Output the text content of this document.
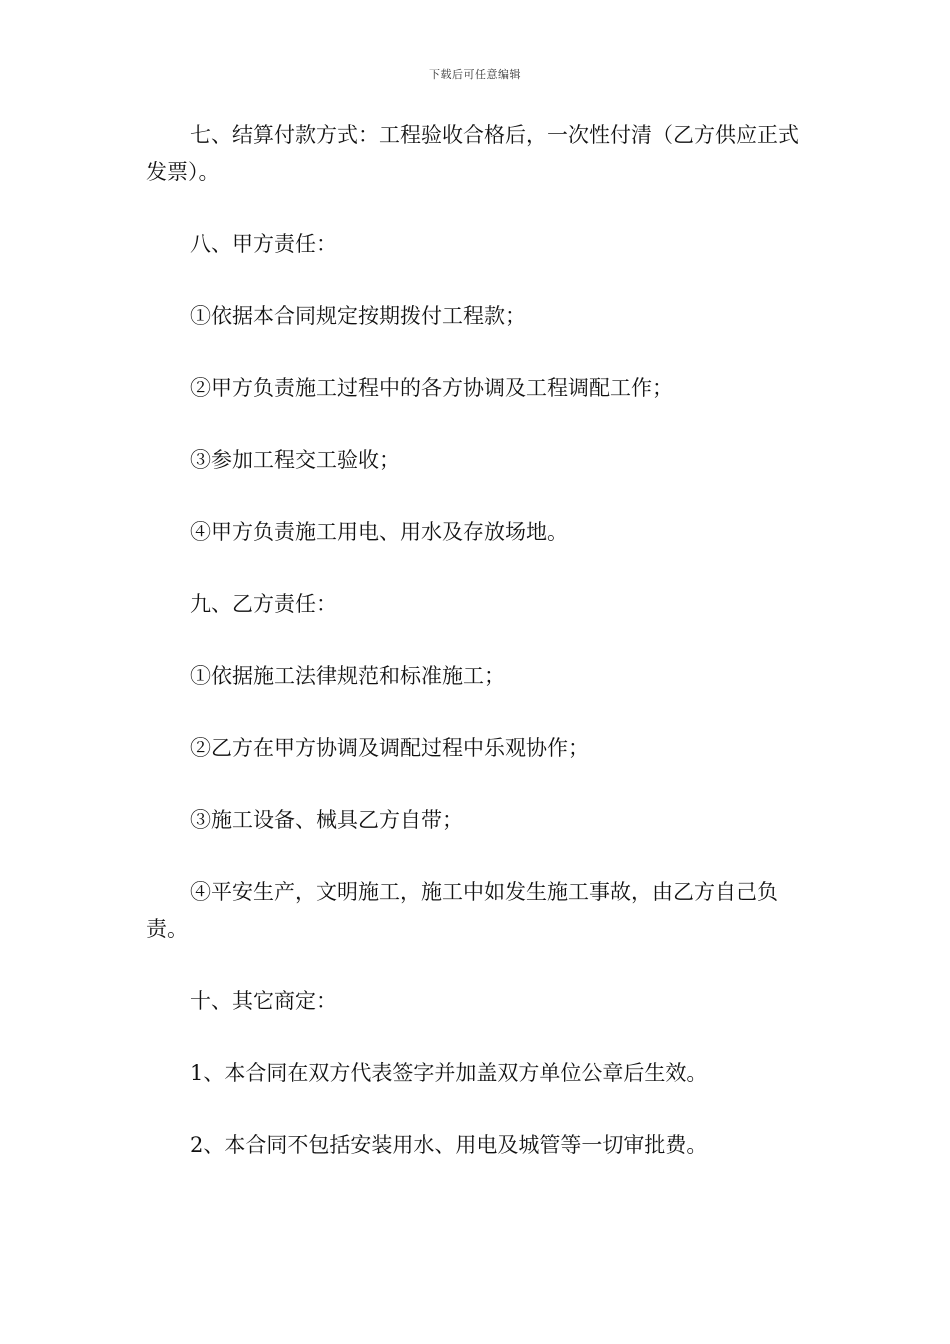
下载后可任意编辑

七、结算付款方式：工程验收合格后，一次性付清（乙方供应正式发票）。

八、甲方责任：

①依据本合同规定按期拨付工程款；

②甲方负责施工过程中的各方协调及工程调配工作；

③参加工程交工验收；

④甲方负责施工用电、用水及存放场地。

九、乙方责任：

①依据施工法律规范和标准施工；

②乙方在甲方协调及调配过程中乐观协作；

③施工设备、械具乙方自带；

④平安生产，文明施工，施工中如发生施工事故，由乙方自己负责。

十、其它商定：

1、本合同在双方代表签字并加盖双方单位公章后生效。

2、本合同不包括安装用水、用电及城管等一切审批费。
